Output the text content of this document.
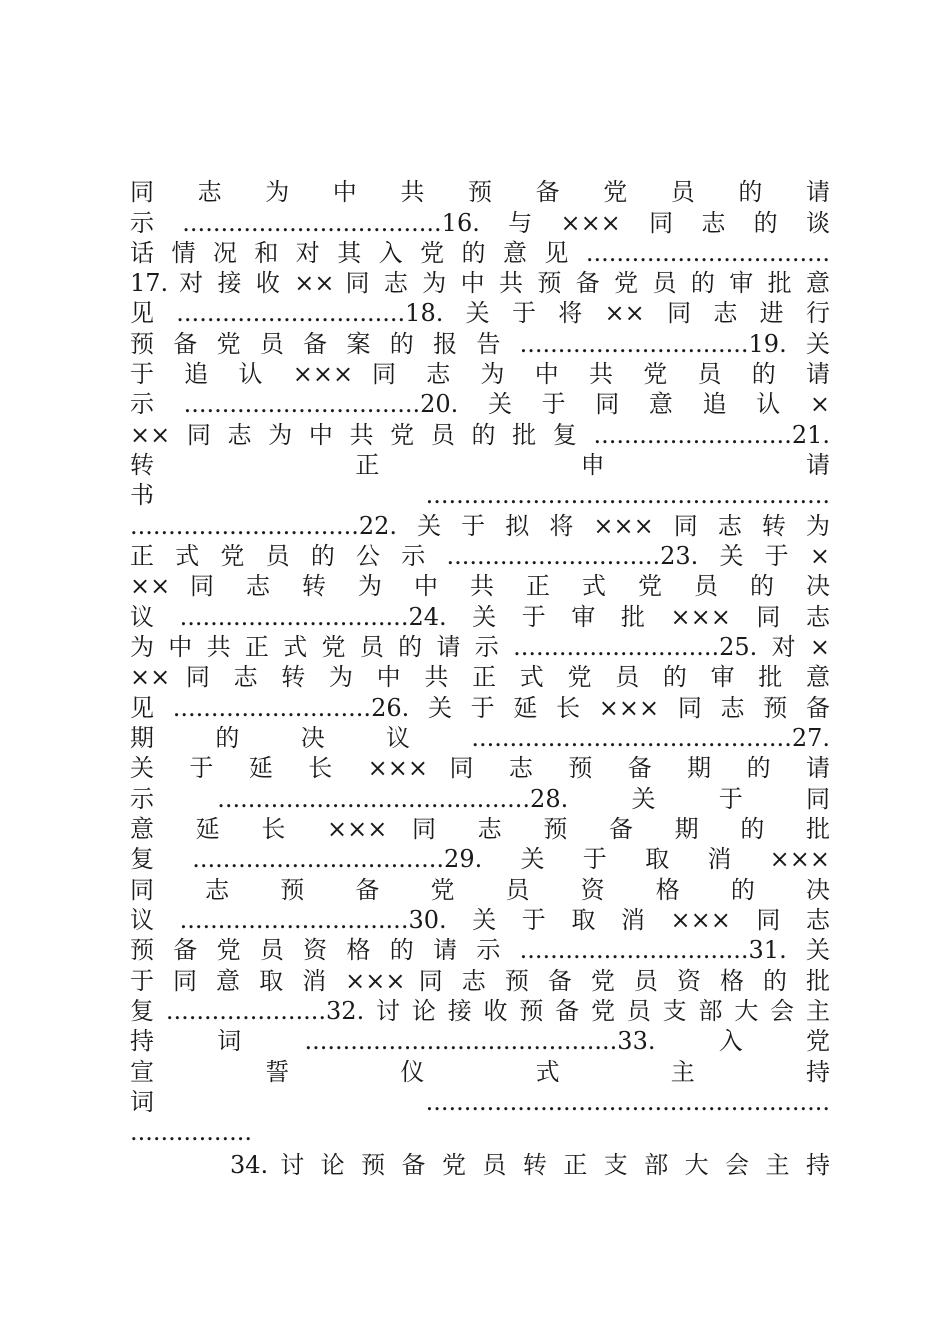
同 志 为 中 共 预 备 党 员 的 请

示..................................16.与×××同志的谈

话情况和对其入党的意见................................

17. 对 接 收 ×× 同 志 为 中 共 预 备 党 员 的 审 批 意

见..............................18.关于将××同志进行

预备党员备案的报告..............................19.关

于 追 认 ××× 同 志 为 中 共 党 员 的 请

示...............................20.关于同意追认×

××同志为中共党员的批复..........................21.

转 正 申 请

书.....................................................

..............................22.关于拟将×××同志转为

正式党员的公示............................23.关于×

×× 同 志 转 为 中 共 正 式 党 员 的 决

议..............................24.关于审批×××同志

为中共正式党员的请示...........................25.对×

×× 同 志 转 为 中 共 正 式 党 员 的 审 批 意

见..........................26.关于延长×××同志预备

期的决议..........................................27.

关 于 延 长 ××× 同 志 预 备 期 的 请

示.........................................28.关于同

意 延 长 ××× 同 志 预 备 期 的 批

复.................................29.关于取消×××

同 志 预 备 党 员 资 格 的 决

议..............................30.关于取消×××同志

预备党员资格的请示..............................31.关

于 同 意 取 消 ××× 同 志 预 备 党 员 资 格 的 批

复.....................32.讨论接收预备党员支部大会主

持词.........................................33.入党

宣 誓 仪 式 主 持

词.....................................................

................

34. 讨 论 预 备 党 员 转 正 支 部 大 会 主 持
